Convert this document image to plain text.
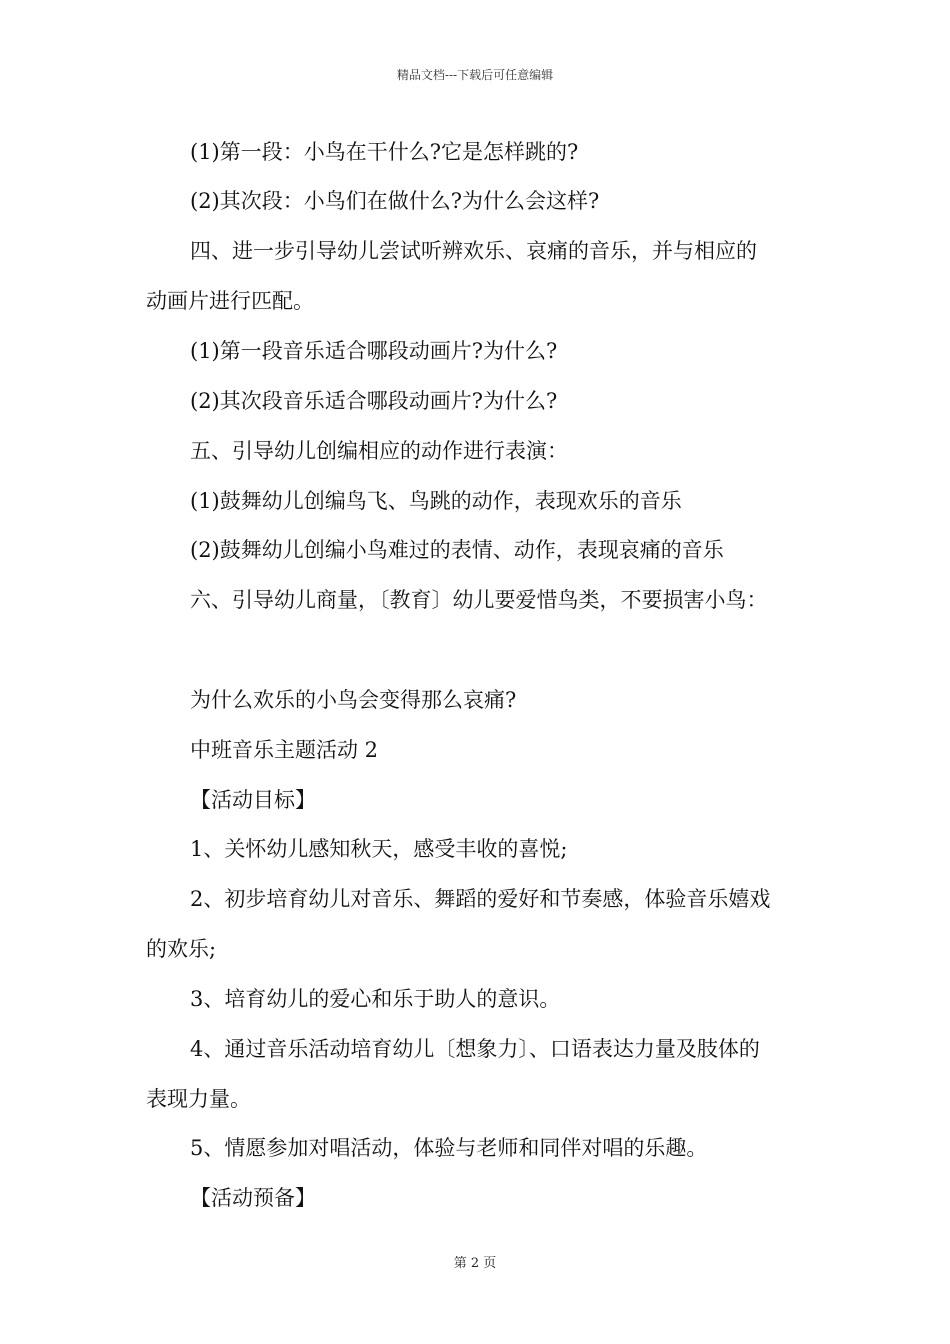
精品文档---下载后可任意编辑
(1)第一段：小鸟在干什么?它是怎样跳的?
(2)其次段：小鸟们在做什么?为什么会这样?
四、进一步引导幼儿尝试听辨欢乐、哀痛的音乐，并与相应的
动画片进行匹配。
(1)第一段音乐适合哪段动画片?为什么?
(2)其次段音乐适合哪段动画片?为什么?
五、引导幼儿创编相应的动作进行表演：
(1)鼓舞幼儿创编鸟飞、鸟跳的动作，表现欢乐的音乐
(2)鼓舞幼儿创编小鸟难过的表情、动作，表现哀痛的音乐
六、引导幼儿商量，〔教育〕幼儿要爱惜鸟类，不要损害小鸟：
为什么欢乐的小鸟会变得那么哀痛?
中班音乐主题活动 2
【活动目标】
1、关怀幼儿感知秋天，感受丰收的喜悦;
2、初步培育幼儿对音乐、舞蹈的爱好和节奏感，体验音乐嬉戏
的欢乐;
3、培育幼儿的爱心和乐于助人的意识。
4、通过音乐活动培育幼儿〔想象力〕、口语表达力量及肢体的
表现力量。
5、情愿参加对唱活动，体验与老师和同伴对唱的乐趣。
【活动预备】
第 2 页
